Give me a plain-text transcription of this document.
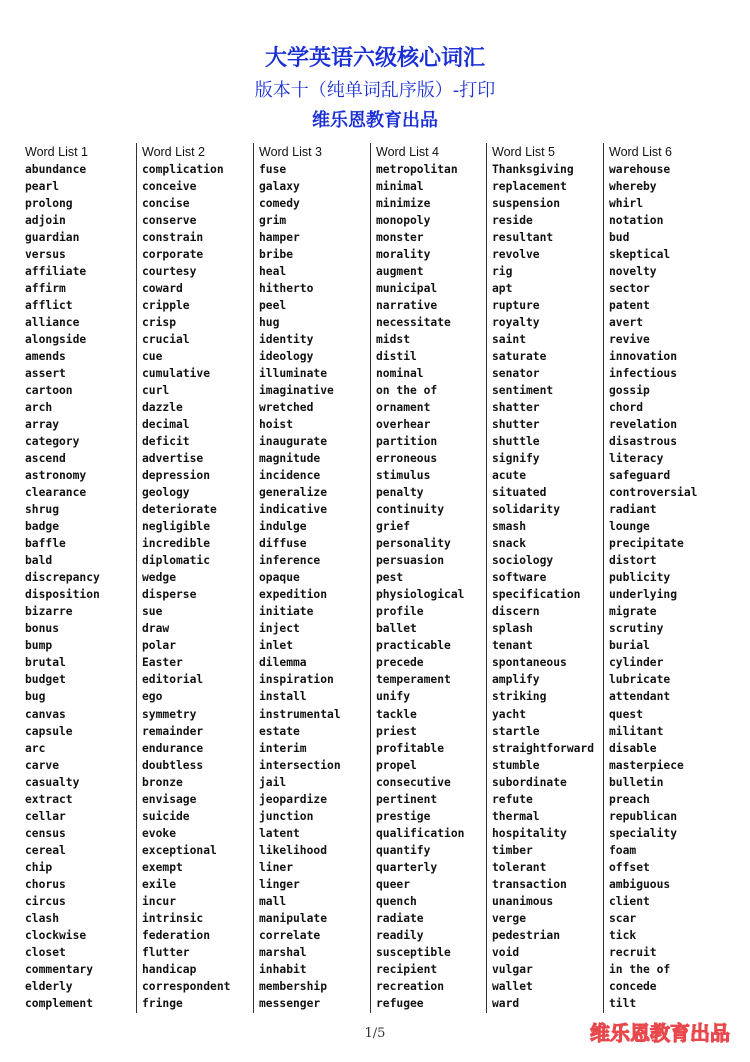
大学英语六级核心词汇
版本十（纯单词乱序版）-打印
维乐恩教育出品
Word List 1
abundance
pearl
prolong
adjoin
guardian
versus
affiliate
affirm
afflict
alliance
alongside
amends
assert
cartoon
arch
array
category
ascend
astronomy
clearance
shrug
badge
baffle
bald
discrepancy
disposition
bizarre
bonus
bump
brutal
budget
bug
canvas
capsule
arc
carve
casualty
extract
cellar
census
cereal
chip
chorus
circus
clash
clockwise
closet
commentary
elderly
complement
Word List 2
complication
conceive
concise
conserve
constrain
corporate
courtesy
coward
cripple
crisp
crucial
cue
cumulative
curl
dazzle
decimal
deficit
advertise
depression
geology
deteriorate
negligible
incredible
diplomatic
wedge
disperse
sue
draw
polar
Easter
editorial
ego
symmetry
remainder
endurance
doubtless
bronze
envisage
suicide
evoke
exceptional
exempt
exile
incur
intrinsic
federation
flutter
handicap
correspondent
fringe
Word List 3
fuse
galaxy
comedy
grim
hamper
bribe
heal
hitherto
peel
hug
identity
ideology
illuminate
imaginative
wretched
hoist
inaugurate
magnitude
incidence
generalize
indicative
indulge
diffuse
inference
opaque
expedition
initiate
inject
inlet
dilemma
inspiration
install
instrumental
estate
interim
intersection
jail
jeopardize
junction
latent
likelihood
liner
linger
mall
manipulate
correlate
marshal
inhabit
membership
messenger
Word List 4
metropolitan
minimal
minimize
monopoly
monster
morality
augment
municipal
narrative
necessitate
midst
distil
nominal
on the of
ornament
overhear
partition
erroneous
stimulus
penalty
continuity
grief
personality
persuasion
pest
physiological
profile
ballet
practicable
precede
temperament
unify
tackle
priest
profitable
propel
consecutive
pertinent
prestige
qualification
quantify
quarterly
queer
quench
radiate
readily
susceptible
recipient
recreation
refugee
Word List 5
Thanksgiving
replacement
suspension
reside
resultant
revolve
rig
apt
rupture
royalty
saint
saturate
senator
sentiment
shatter
shutter
shuttle
signify
acute
situated
solidarity
smash
snack
sociology
software
specification
discern
splash
tenant
spontaneous
amplify
striking
yacht
startle
straightforward
stumble
subordinate
refute
thermal
hospitality
timber
tolerant
transaction
unanimous
verge
pedestrian
void
vulgar
wallet
ward
Word List 6
warehouse
whereby
whirl
notation
bud
skeptical
novelty
sector
patent
avert
revive
innovation
infectious
gossip
chord
revelation
disastrous
literacy
safeguard
controversial
radiant
lounge
precipitate
distort
publicity
underlying
migrate
scrutiny
burial
cylinder
lubricate
attendant
quest
militant
disable
masterpiece
bulletin
preach
republican
speciality
foam
offset
ambiguous
client
scar
tick
recruit
in the of
concede
tilt
1/5	维乐恩教育出品
